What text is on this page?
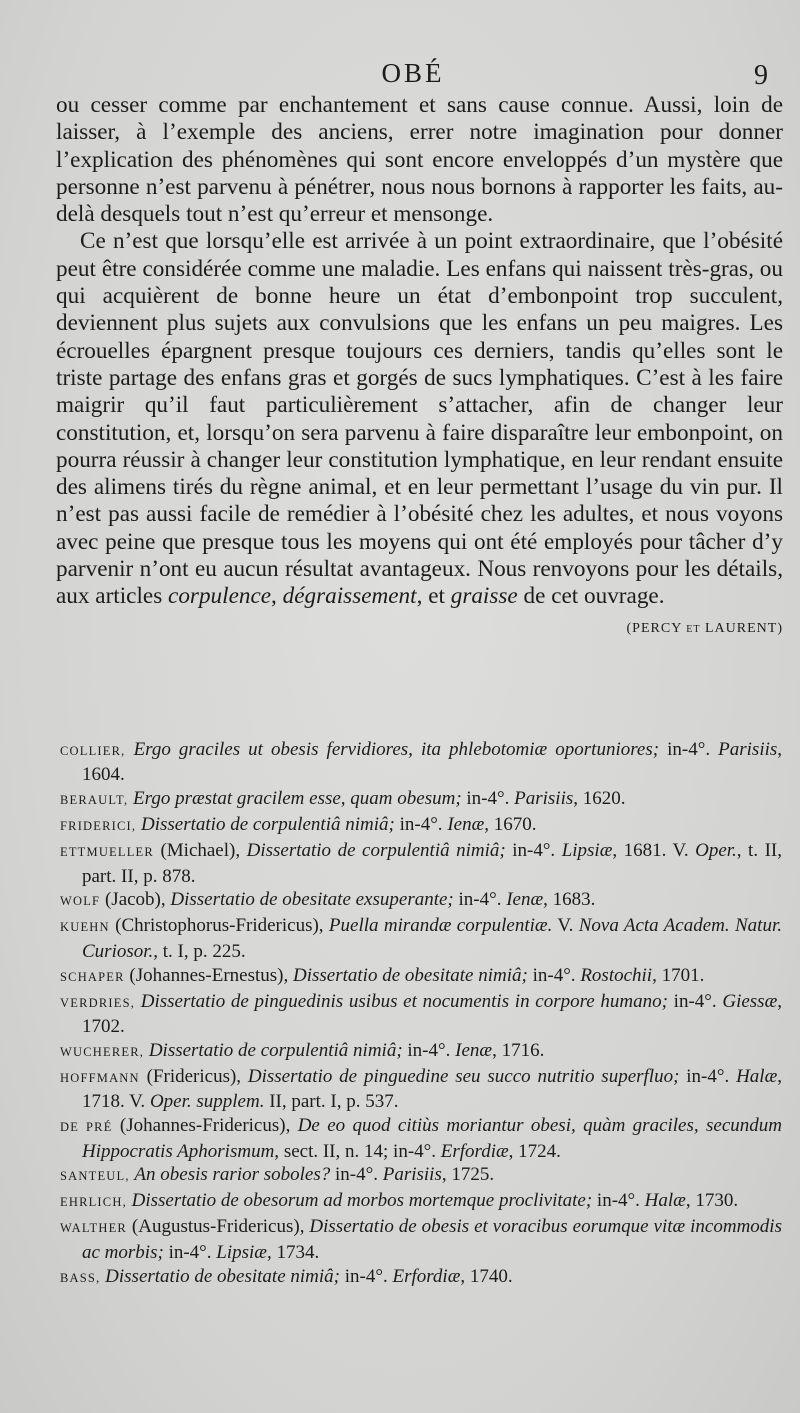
OBÉ	9

ou cesser comme par enchantement et sans cause connue. Aussi, loin de laisser, à l’exemple des anciens, errer notre imagination pour donner l’explication des phénomènes qui sont encore enveloppés d’un mystère que personne n’est parvenu à pénétrer, nous nous bornons à rapporter les faits, au-delà desquels tout n’est qu’erreur et mensonge.

Ce n’est que lorsqu’elle est arrivée à un point extraordinaire, que l’obésité peut être considérée comme une maladie. Les enfans qui naissent très-gras, ou qui acquièrent de bonne heure un état d’embonpoint trop succulent, deviennent plus sujets aux convulsions que les enfans un peu maigres. Les écrouelles épargnent presque toujours ces derniers, tandis qu’elles sont le triste partage des enfans gras et gorgés de sucs lymphatiques. C’est à les faire maigrir qu’il faut particulièrement s’attacher, afin de changer leur constitution, et, lorsqu’on sera parvenu à faire disparaître leur embonpoint, on pourra réussir à changer leur constitution lymphatique, en leur rendant ensuite des alimens tirés du règne animal, et en leur permettant l’usage du vin pur. Il n’est pas aussi facile de remédier à l’obésité chez les adultes, et nous voyons avec peine que presque tous les moyens qui ont été employés pour tâcher d’y parvenir n’ont eu aucun résultat avantageux. Nous renvoyons pour les détails, aux articles corpulence, dégraissement, et graisse de cet ouvrage.
(PERCY et LAURENT)

COLLIER, Ergo graciles ut obesis fervidiores, ita phlebotomiæ oportuniores; in-4°. Parisiis, 1604.

BERAULT, Ergo præstat gracilem esse, quam obesum; in-4°. Parisiis, 1620.

FRIDERICI, Dissertatio de corpulentiâ nimiâ; in-4°. Ienæ, 1670.

ETTMUELLER (Michael), Dissertatio de corpulentiâ nimiâ; in-4°. Lipsiæ, 1681. V. Oper., t. II, part. II, p. 878.

WOLF (Jacob), Dissertatio de obesitate exsuperante; in-4°. Ienæ, 1683.

KUEHN (Christophorus-Fridericus), Puella mirandæ corpulentiæ. V. Nova Acta Academ. Natur. Curiosor., t. I, p. 225.

SCHAPER (Johannes-Ernestus), Dissertatio de obesitate nimiâ; in-4°. Rostochii, 1701.

VERDRIES, Dissertatio de pinguedinis usibus et nocumentis in corpore humano; in-4°. Giessæ, 1702.

WUCHERER, Dissertatio de corpulentiâ nimiâ; in-4°. Ienæ, 1716.

HOFFMANN (Fridericus), Dissertatio de pinguedine seu succo nutritio superfluo; in-4°. Halæ, 1718. V. Oper. supplem. II, part. I, p. 537.

DE PRÉ (Johannes-Fridericus), De eo quod citiùs moriantur obesi, quàm graciles, secundum Hippocratis Aphorismum, sect. II, n. 14; in-4°. Erfordiæ, 1724.

SANTEUL, An obesis rarior soboles? in-4°. Parisiis, 1725.

EHRLICH, Dissertatio de obesorum ad morbos mortemque proclivitate; in-4°. Halæ, 1730.

WALTHER (Augustus-Fridericus), Dissertatio de obesis et voracibus eorumque vitæ incommodis ac morbis; in-4°. Lipsiæ, 1734.

BASS, Dissertatio de obesitate nimiâ; in-4°. Erfordiæ, 1740.
